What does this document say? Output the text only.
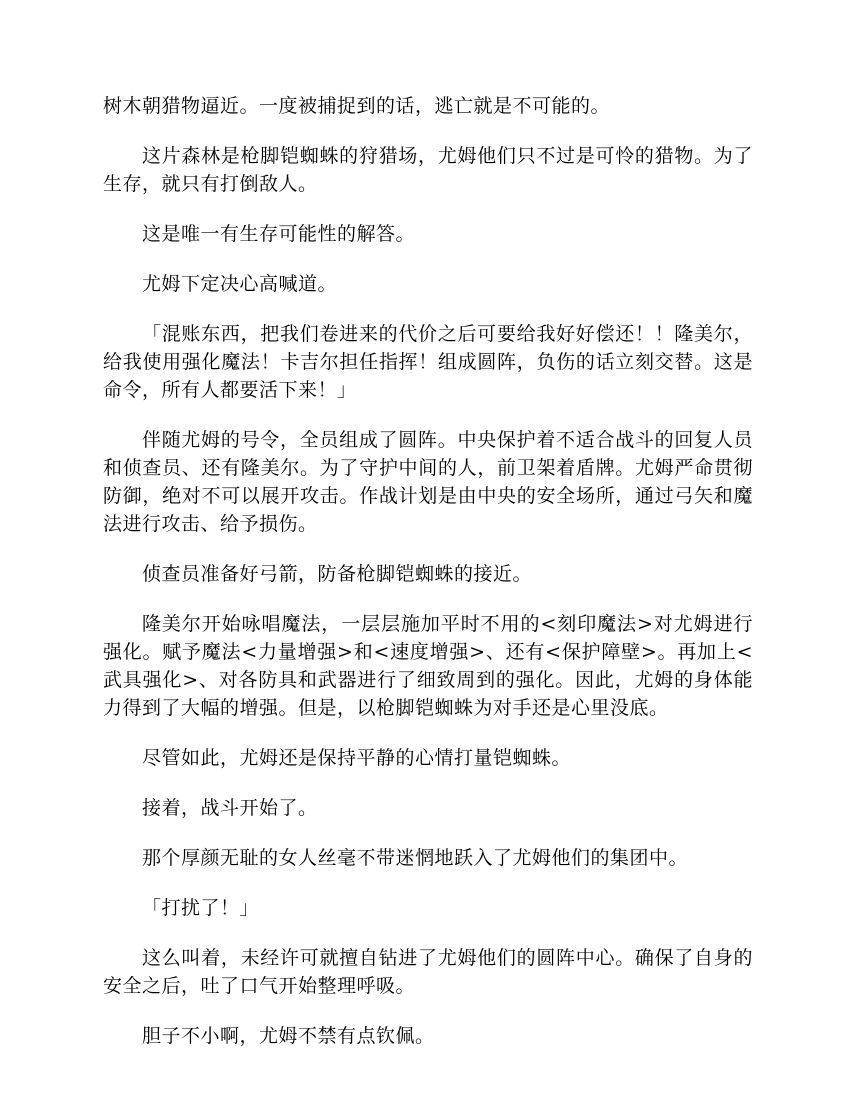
树木朝猎物逼近。一度被捕捉到的话，逃亡就是不可能的。

这片森林是枪脚铠蜘蛛的狩猎场，尤姆他们只不过是可怜的猎物。为了生存，就只有打倒敌人。

这是唯一有生存可能性的解答。

尤姆下定决心高喊道。

「混账东西，把我们卷进来的代价之后可要给我好好偿还！！隆美尔，给我使用强化魔法！卡吉尔担任指挥！组成圆阵，负伤的话立刻交替。这是命令，所有人都要活下来！」

伴随尤姆的号令，全员组成了圆阵。中央保护着不适合战斗的回复人员和侦查员、还有隆美尔。为了守护中间的人，前卫架着盾牌。尤姆严命贯彻防御，绝对不可以展开攻击。作战计划是由中央的安全场所，通过弓矢和魔法进行攻击、给予损伤。

侦查员准备好弓箭，防备枪脚铠蜘蛛的接近。

隆美尔开始咏唱魔法，一层层施加平时不用的<刻印魔法>对尤姆进行强化。赋予魔法<力量增强>和<速度增强>、还有<保护障壁>。再加上<武具强化>、对各防具和武器进行了细致周到的强化。因此，尤姆的身体能力得到了大幅的增强。但是，以枪脚铠蜘蛛为对手还是心里没底。

尽管如此，尤姆还是保持平静的心情打量铠蜘蛛。

接着，战斗开始了。

那个厚颜无耻的女人丝毫不带迷惘地跃入了尤姆他们的集团中。

「打扰了！」

这么叫着，未经许可就擅自钻进了尤姆他们的圆阵中心。确保了自身的安全之后，吐了口气开始整理呼吸。

胆子不小啊，尤姆不禁有点钦佩。
